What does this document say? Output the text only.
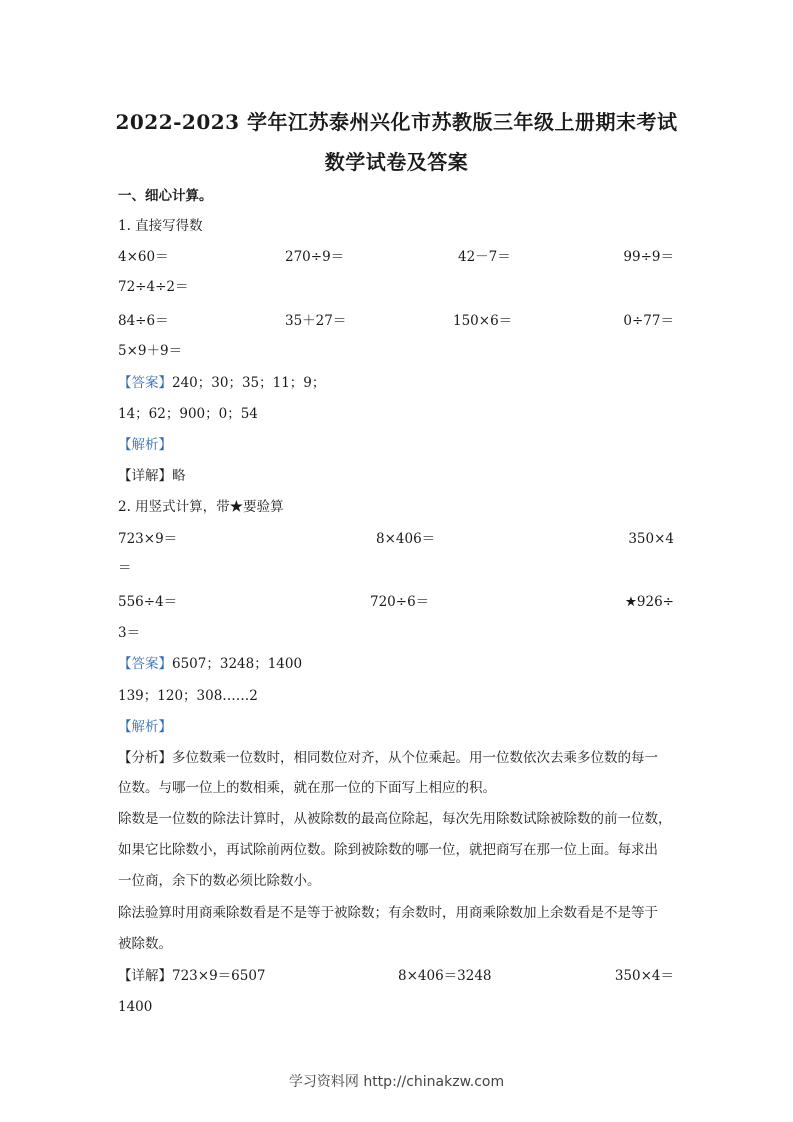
2022-2023 学年江苏泰州兴化市苏教版三年级上册期末考试
数学试卷及答案
一、细心计算。
1. 直接写得数
4×60＝	270÷9＝	42－7＝	99÷9＝
72÷4÷2＝
84÷6＝	35＋27＝	150×6＝	0÷77＝
5×9＋9＝
【答案】240；30；35；11；9；
14；62；900；0；54
【解析】
【详解】略
2. 用竖式计算，带★要验算
723×9＝	8×406＝	350×4
＝
556÷4＝	720÷6＝	★926÷
3＝
【答案】6507；3248；1400
139；120；308……2
【解析】
【分析】多位数乘一位数时，相同数位对齐，从个位乘起。用一位数依次去乘多位数的每一
位数。与哪一位上的数相乘，就在那一位的下面写上相应的积。
除数是一位数的除法计算时，从被除数的最高位除起，每次先用除数试除被除数的前一位数，
如果它比除数小，再试除前两位数。除到被除数的哪一位，就把商写在那一位上面。每求出
一位商，余下的数必须比除数小。
除法验算时用商乘除数看是不是等于被除数；有余数时，用商乘除数加上余数看是不是等于
被除数。
【详解】723×9＝6507	8×406＝3248	350×4＝
1400
学习资料网 http://chinakzw.com
